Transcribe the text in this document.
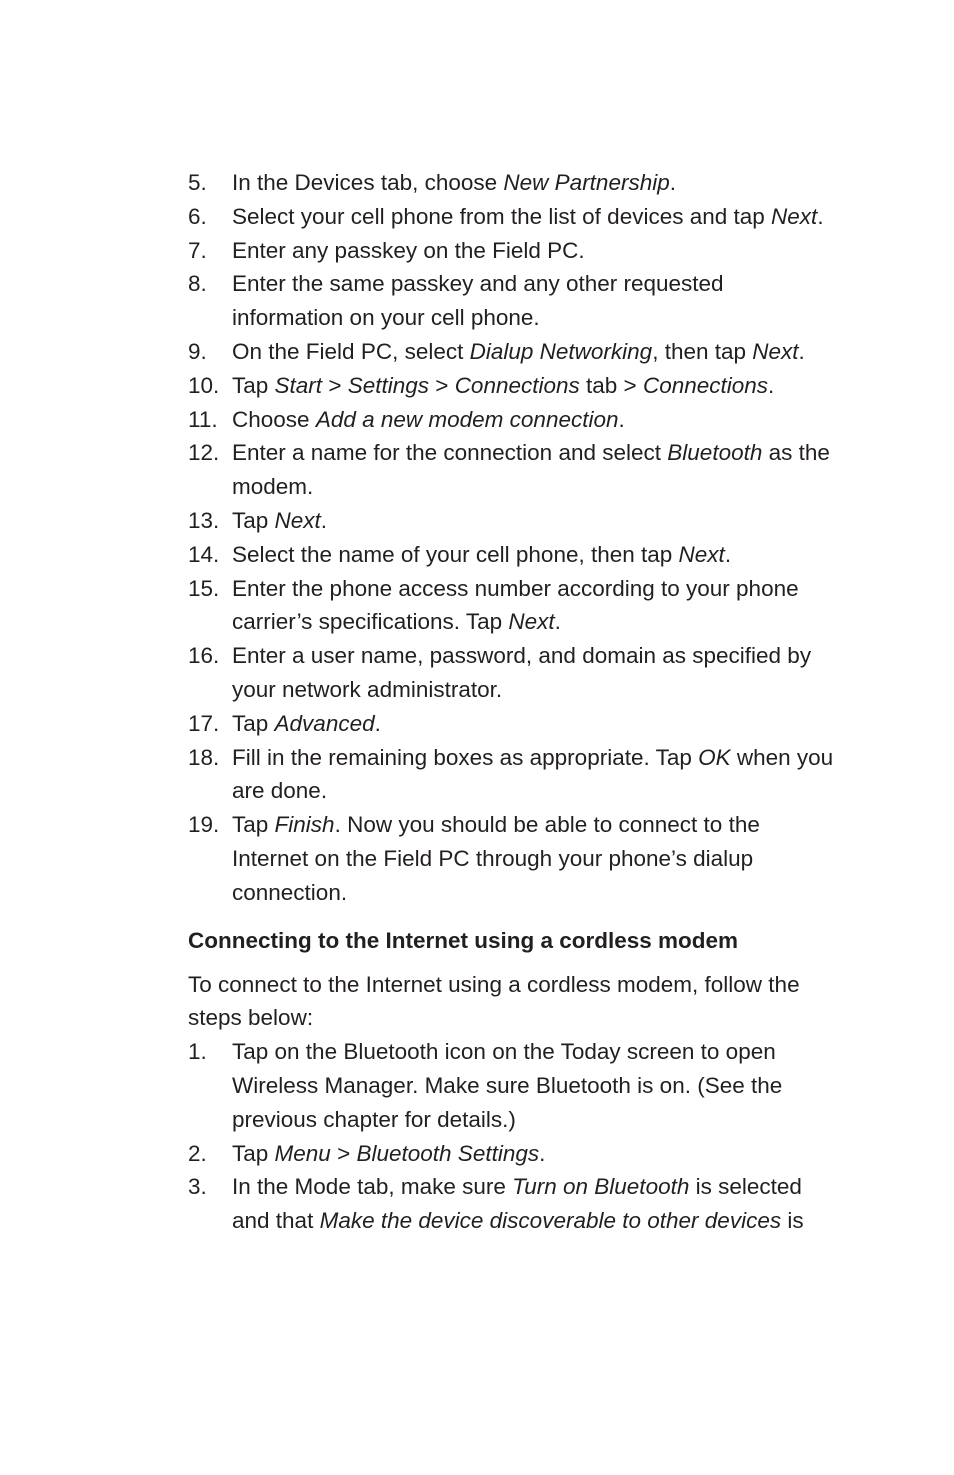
5.	In the Devices tab, choose New Partnership.
6.	Select your cell phone from the list of devices and tap Next.
7.	Enter any passkey on the Field PC.
8.	Enter the same passkey and any other requested information on your cell phone.
9.	On the Field PC, select Dialup Networking, then tap Next.
10. Tap Start > Settings > Connections tab > Connections.
11. Choose Add a new modem connection.
12. Enter a name for the connection and select Bluetooth as the modem.
13. Tap Next.
14. Select the name of your cell phone, then tap Next.
15. Enter the phone access number according to your phone carrier’s specifications. Tap Next.
16. Enter a user name, password, and domain as specified by your network administrator.
17. Tap Advanced.
18. Fill in the remaining boxes as appropriate. Tap OK when you are done.
19. Tap Finish. Now you should be able to connect to the Internet on the Field PC through your phone’s dialup connection.
Connecting to the Internet using a cordless modem
To connect to the Internet using a cordless modem, follow the steps below:
1.	Tap on the Bluetooth icon on the Today screen to open Wireless Manager. Make sure Bluetooth is on. (See the previous chapter for details.)
2.	Tap Menu > Bluetooth Settings.
3.	In the Mode tab, make sure Turn on Bluetooth is selected and that Make the device discoverable to other devices is
